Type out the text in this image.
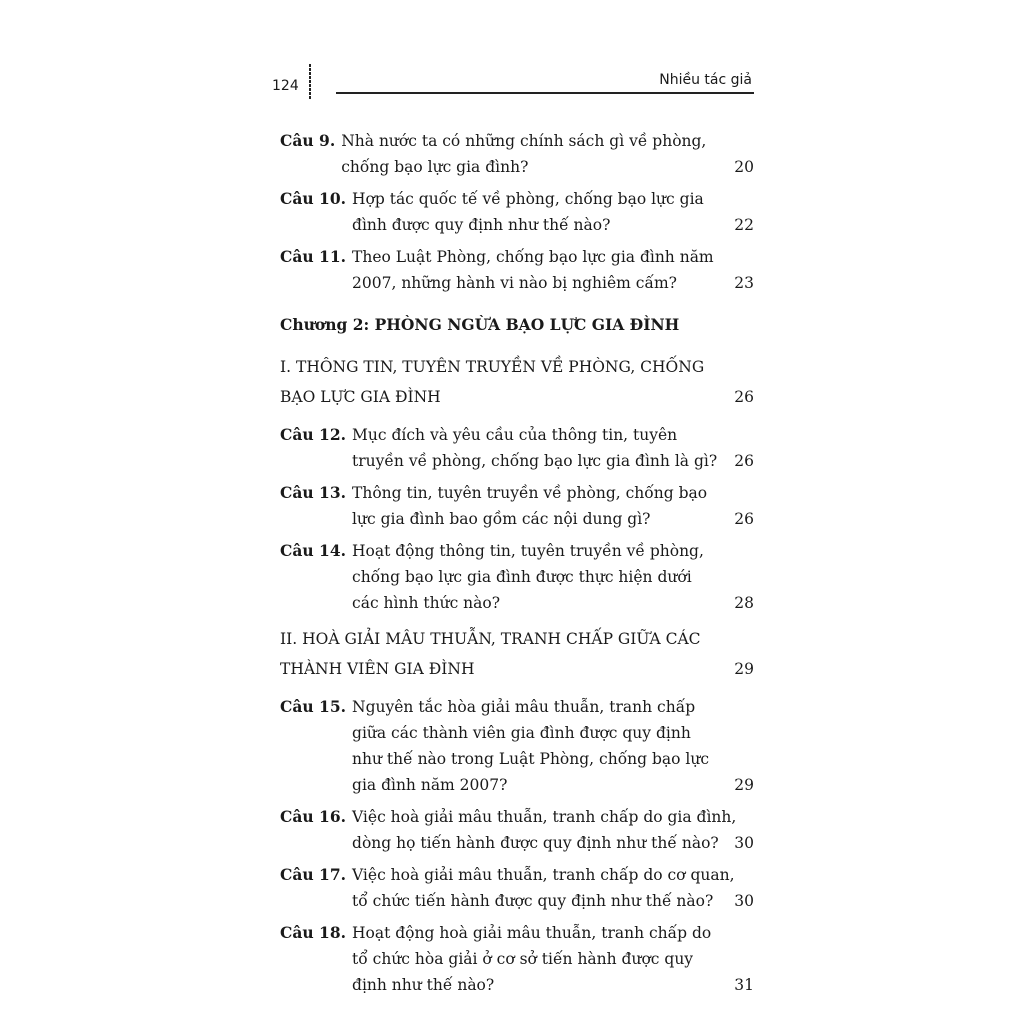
124	Nhiều tác giả
Câu 9. Nhà nước ta có những chính sách gì về phòng,
chống bạo lực gia đình?	20
Câu 10. Hợp tác quốc tế về phòng, chống bạo lực gia
đình được quy định như thế nào?	22
Câu 11. Theo Luật Phòng, chống bạo lực gia đình năm
2007, những hành vi nào bị nghiêm cấm?	23
Chương 2: PHÒNG NGỪA BẠO LỰC GIA ĐÌNH
I. THÔNG TIN, TUYÊN TRUYỀN VỀ PHÒNG, CHỐNG
BẠO LỰC GIA ĐÌNH	26
Câu 12. Mục đích và yêu cầu của thông tin, tuyên
truyền về phòng, chống bạo lực gia đình là gì?	26
Câu 13. Thông tin, tuyên truyền về phòng, chống bạo
lực gia đình bao gồm các nội dung gì?	26
Câu 14. Hoạt động thông tin, tuyên truyền về phòng,
chống bạo lực gia đình được thực hiện dưới
các hình thức nào?	28
II. HOÀ GIẢI MÂU THUẪN, TRANH CHẤP GIỮA CÁC
THÀNH VIÊN GIA ĐÌNH	29
Câu 15. Nguyên tắc hòa giải mâu thuẫn, tranh chấp
giữa các thành viên gia đình được quy định
như thế nào trong Luật Phòng, chống bạo lực
gia đình năm 2007?	29
Câu 16. Việc hoà giải mâu thuẫn, tranh chấp do gia đình,
dòng họ tiến hành được quy định như thế nào?	30
Câu 17. Việc hoà giải mâu thuẫn, tranh chấp do cơ quan,
tổ chức tiến hành được quy định như thế nào?	30
Câu 18. Hoạt động hoà giải mâu thuẫn, tranh chấp do
tổ chức hòa giải ở cơ sở tiến hành được quy
định như thế nào?	31
